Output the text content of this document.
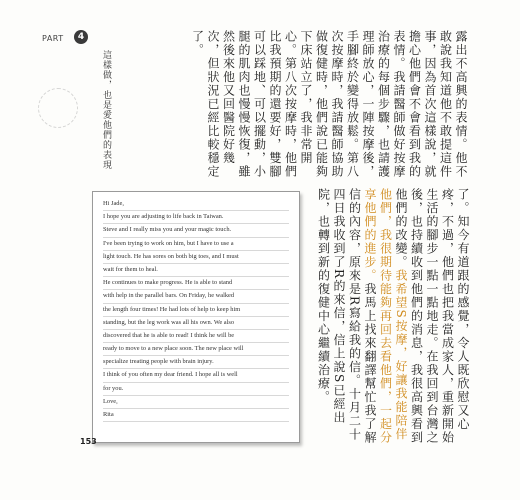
PART	4
這樣做，也是愛他們的表現	露出不高興的表情。他不敢說我知道他不敢提這件事，因為首次這樣說，就擔心他們會不會看到我的表情。我請醫師做好按摩治療的每個步驟，也請護理師放心，一陣按摩後，手腳終於變得放鬆。第八次按摩時，我請醫師協助做復健時，他們說已能夠下床站立了，我非常開心。第八次按摩時，他們比我預期的還要好，雙腳可以踩地、可以擺動，小腿的肌肉也慢慢恢復，雖然後來他又回醫院好幾次，但狀況已經比較穩定了。
了。知今有道跟的感覺，令人既欣慰又心疼，不過，他們也把我當成家人，重新開始生活的腳步一點一點地走。在我回到台灣之後，也持續收到他們的消息，我很高興看到他們的改變。我希望S按摩，好讓我能陪伴他們，我很期待能夠再回去看他們，一起分享他們的進步。我馬上找來翻譯幫忙我了解信的內容，原來是R寫給我的信。十月二十四日我收到了R的來信，信上說S已經出院，也轉到新的復健中心繼續治療。
Hi Jade,
I hope you are adjusting to life back in Taiwan.
Steve and I really miss you and your magic touch.
I've been trying to work on him, but I have to use a
light touch. He has sores on both big toes, and I must
wait for them to heal.
He continues to make progress. He is able to stand
with help in the parallel bars. On Friday, he walked
the length four times! He had lots of help to keep him
standing, but the leg work was all his own. We also
discovered that he is able to read! I think he will be
ready to move to a new place soon. The new place will
specialize treating people with brain injury.
I think of you often my dear friend. I hope all is well
for you.
Love,
Rita
153
